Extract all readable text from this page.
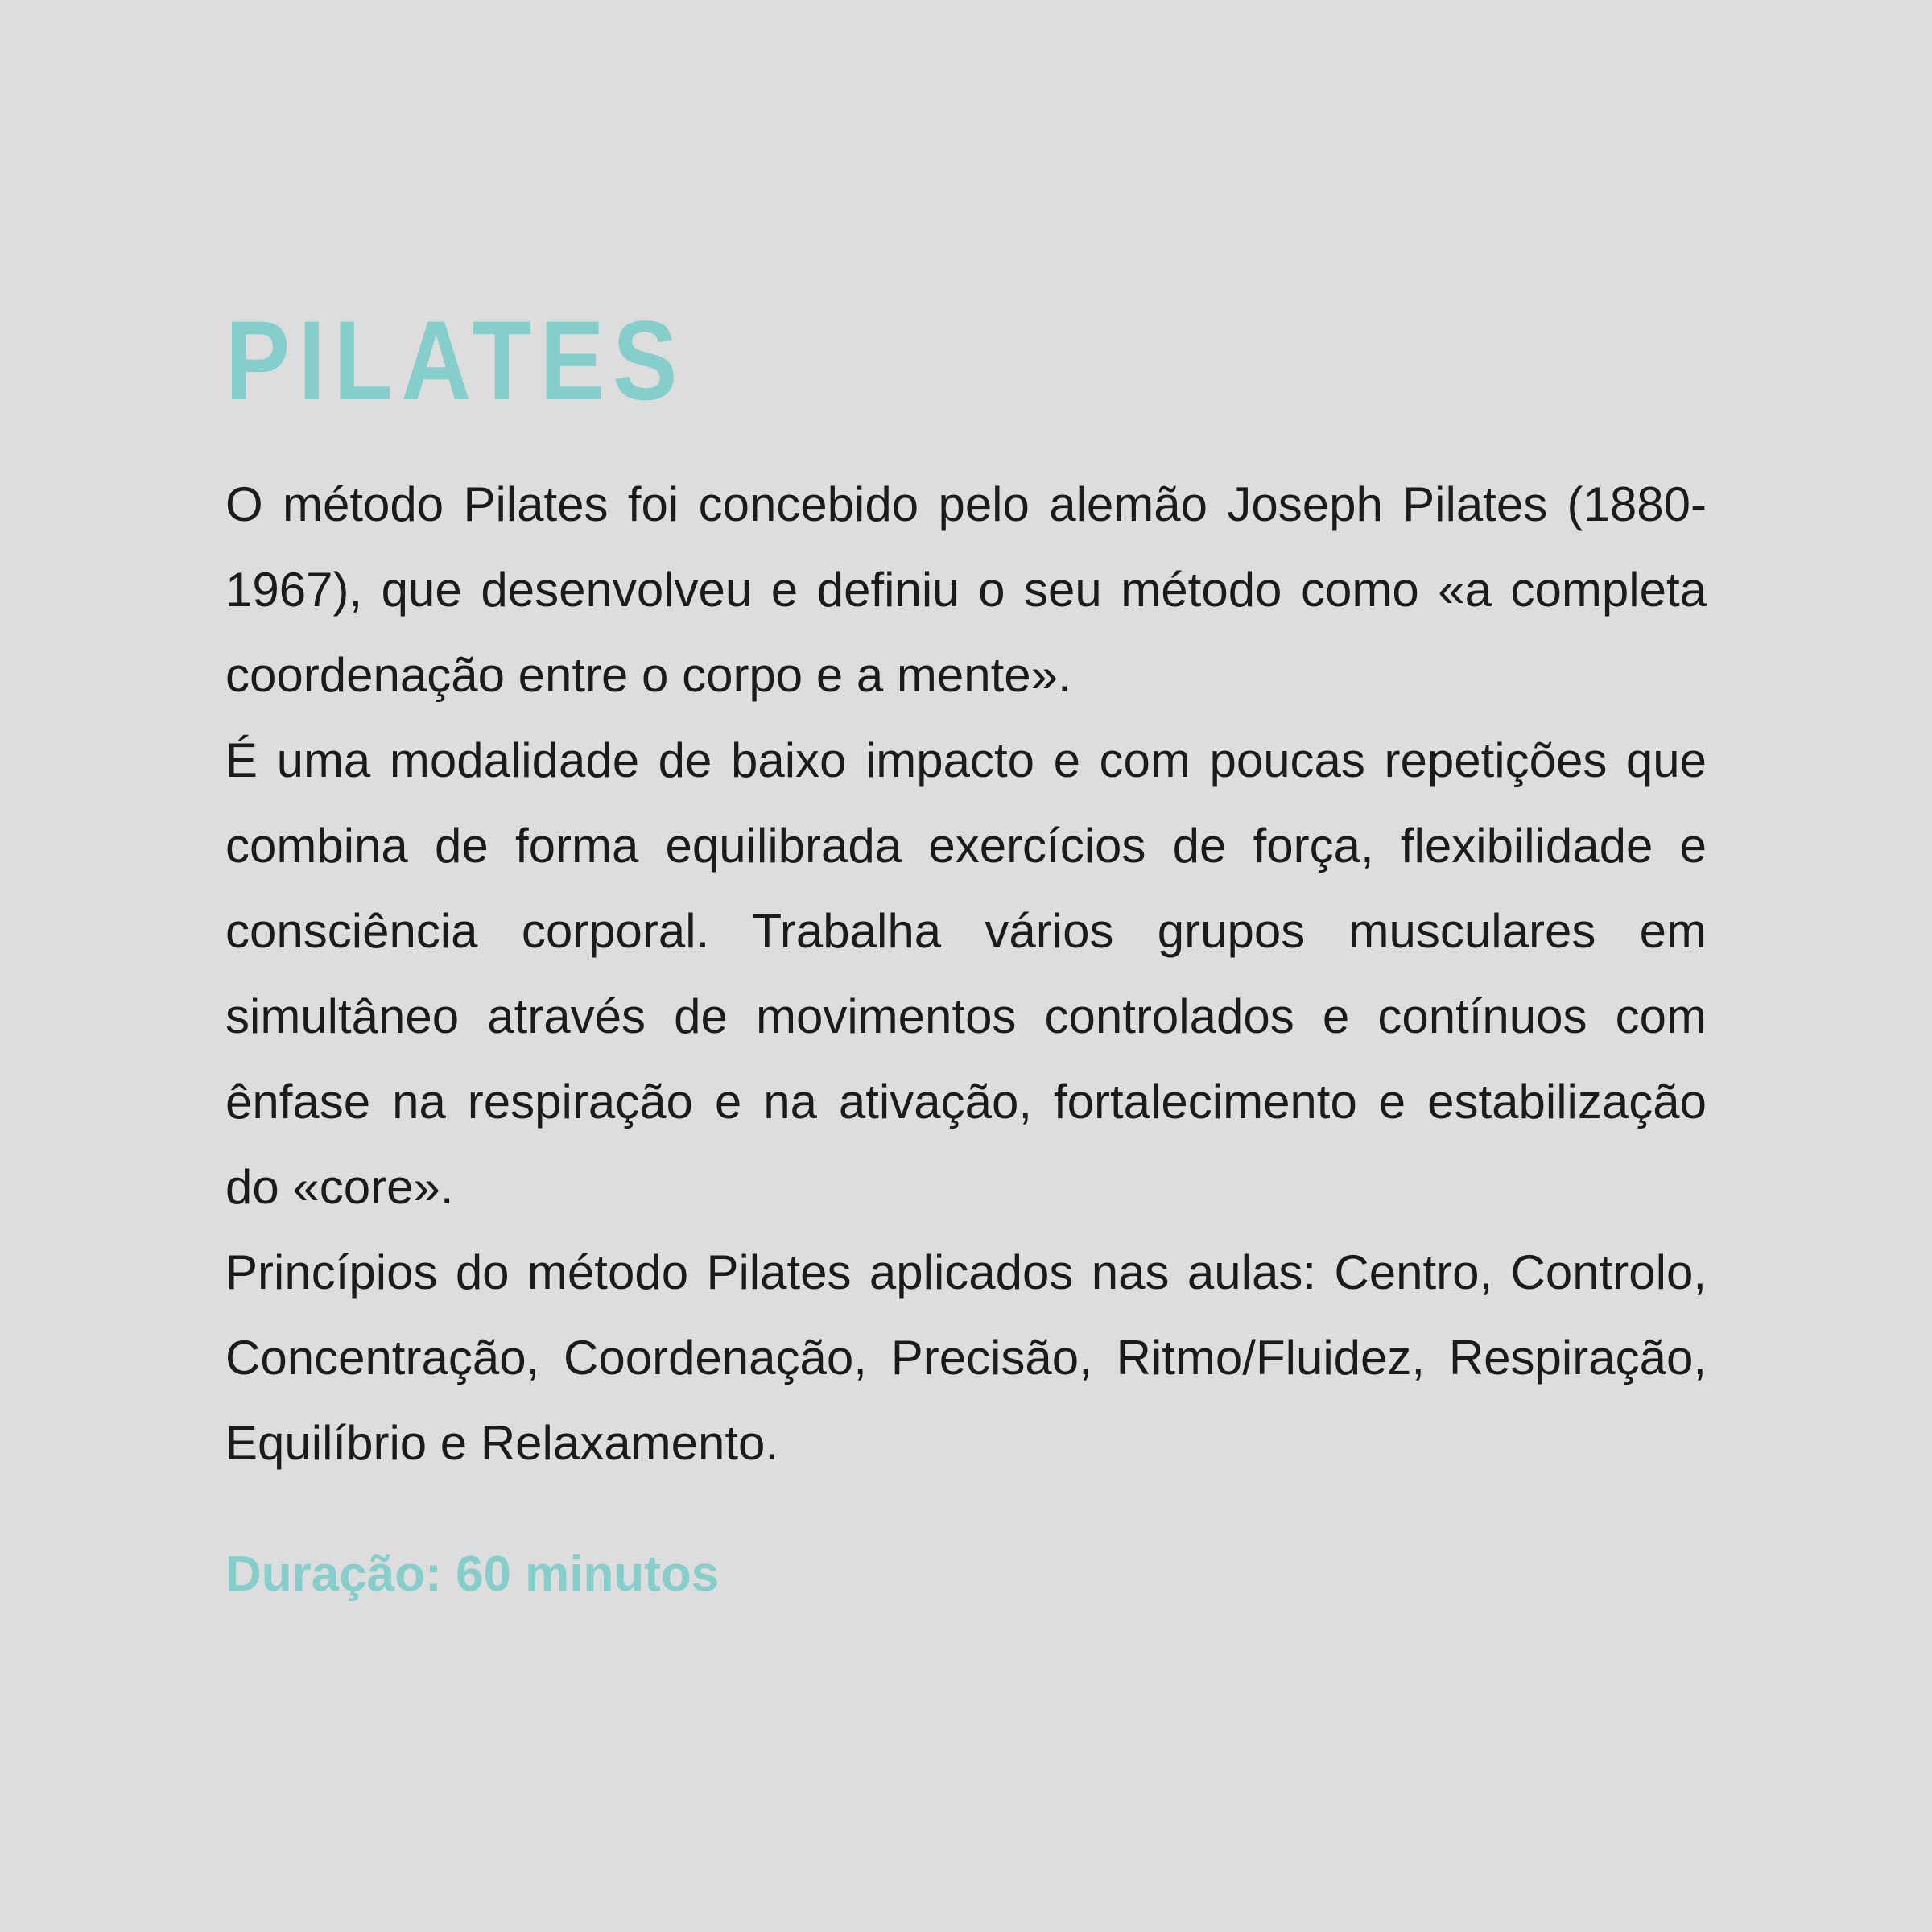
PILATES

O método Pilates foi concebido pelo alemão Joseph Pilates (1880-1967), que desenvolveu e definiu o seu método como «a completa coordenação entre o corpo e a mente».

É uma modalidade de baixo impacto e com poucas repetições que combina de forma equilibrada exercícios de força, flexibilidade e consciência corporal. Trabalha vários grupos musculares em simultâneo através de movimentos controlados e contínuos com ênfase na respiração e na ativação, fortalecimento e estabilização do «core».

Princípios do método Pilates aplicados nas aulas: Centro, Controlo, Concentração, Coordenação, Precisão, Ritmo/Fluidez, Respiração, Equilíbrio e Relaxamento.

Duração: 60 minutos
